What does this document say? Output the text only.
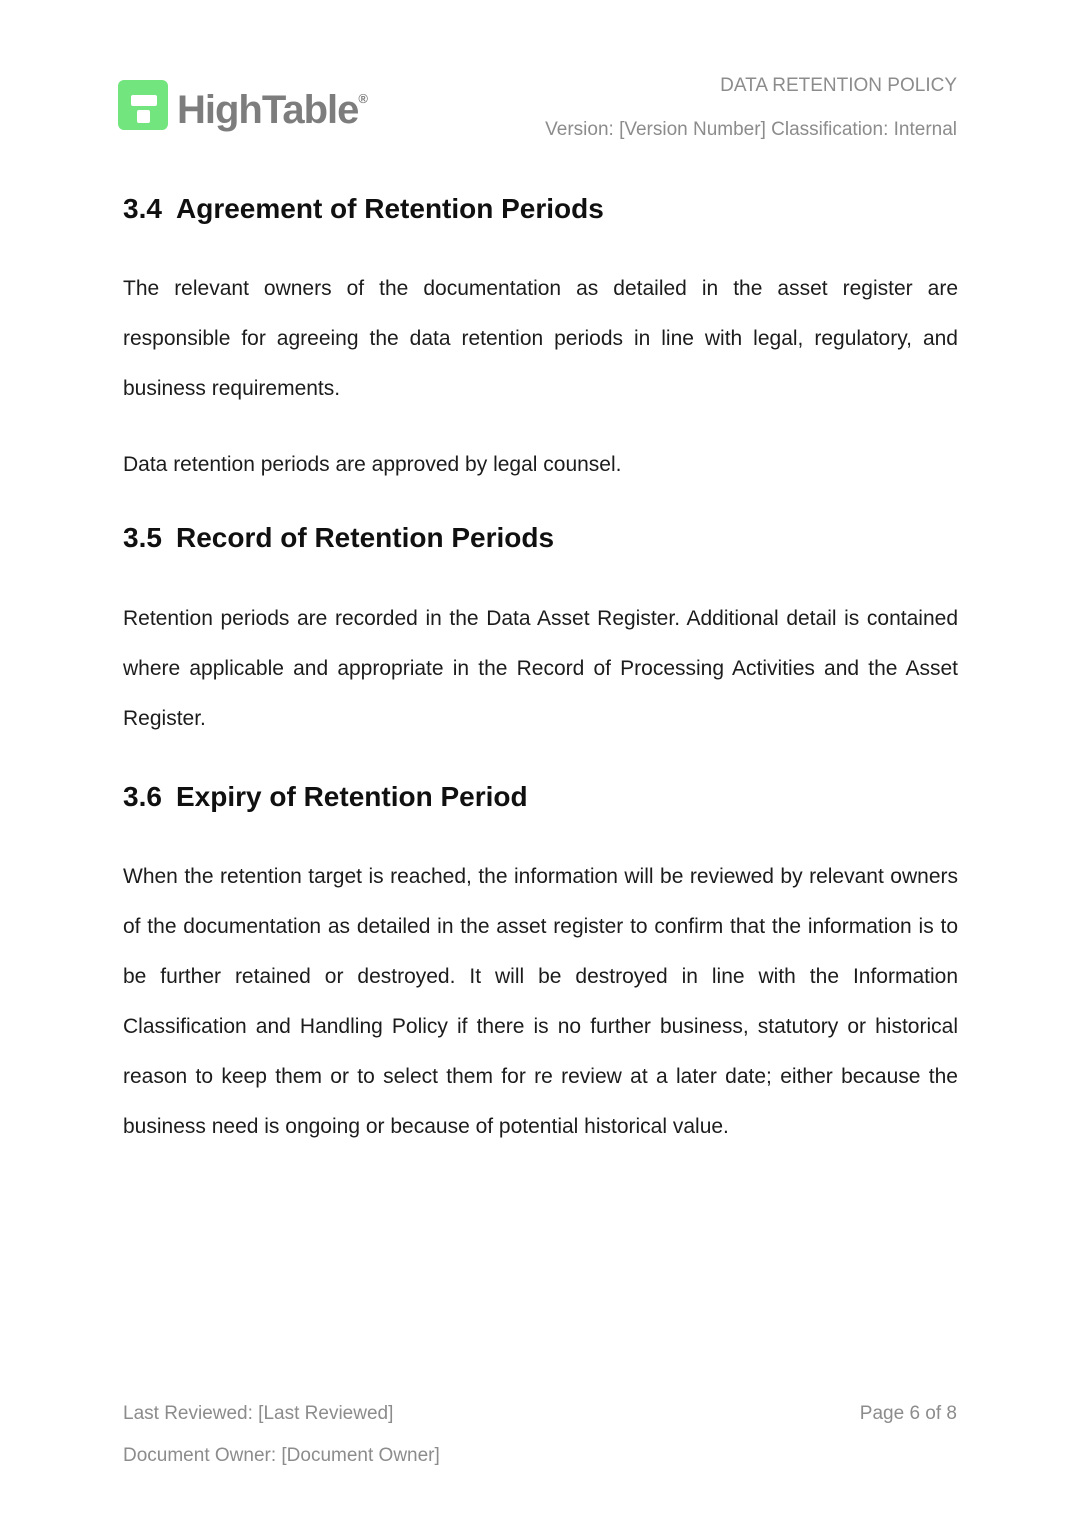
HighTable®
DATA RETENTION POLICY
Version: [Version Number] Classification: Internal
3.4 Agreement of Retention Periods
The relevant owners of the documentation as detailed in the asset register are responsible for agreeing the data retention periods in line with legal, regulatory, and business requirements.
Data retention periods are approved by legal counsel.
3.5 Record of Retention Periods
Retention periods are recorded in the Data Asset Register. Additional detail is contained where applicable and appropriate in the Record of Processing Activities and the Asset Register.
3.6 Expiry of Retention Period
When the retention target is reached, the information will be reviewed by relevant owners of the documentation as detailed in the asset register to confirm that the information is to be further retained or destroyed. It will be destroyed in line with the Information Classification and Handling Policy if there is no further business, statutory or historical reason to keep them or to select them for re review at a later date; either because the business need is ongoing or because of potential historical value.
Last Reviewed: [Last Reviewed]
Document Owner: [Document Owner]
Page 6 of 8
